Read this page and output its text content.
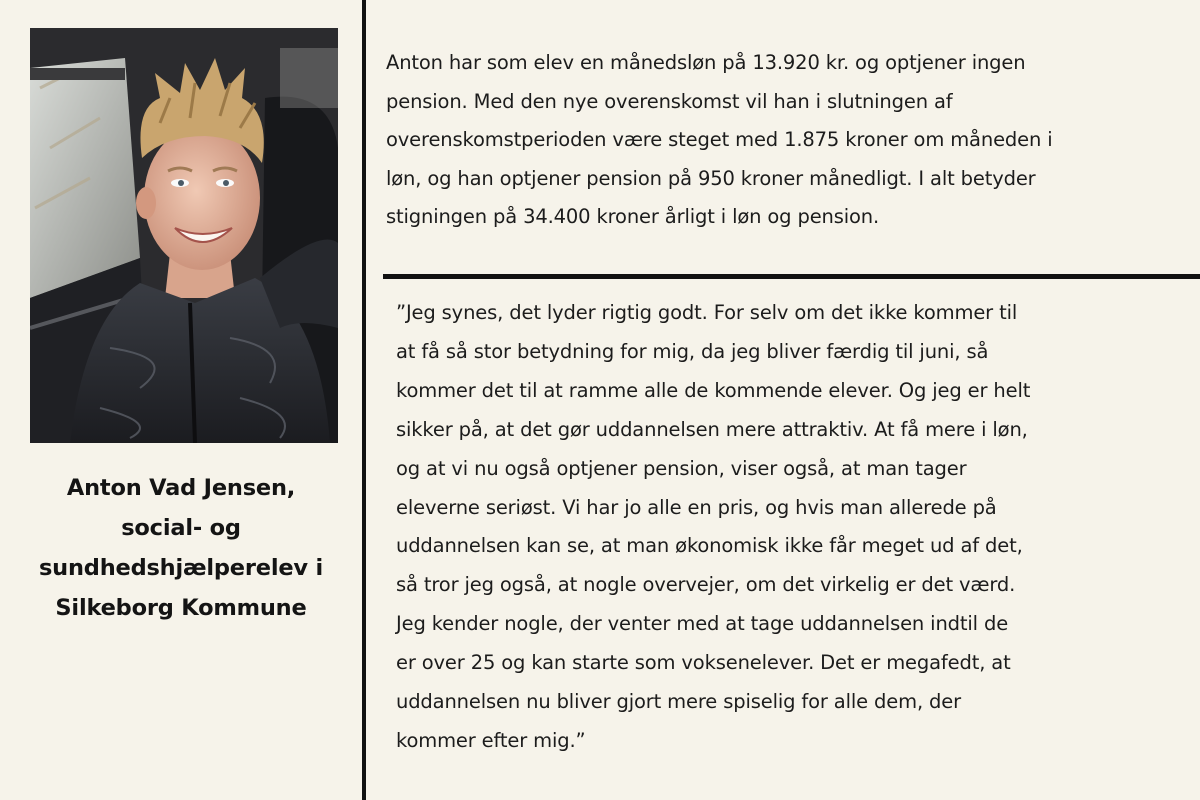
Anton Vad Jensen,
social- og
sundhedshjælperelev i
Silkeborg Kommune
Anton har som elev en månedsløn på 13.920 kr. og optjener ingen
pension. Med den nye overenskomst vil han i slutningen af
overenskomstperioden være steget med 1.875 kroner om måneden i
løn, og han optjener pension på 950 kroner månedligt. I alt betyder
stigningen på 34.400 kroner årligt i løn og pension.
”Jeg synes, det lyder rigtig godt. For selv om det ikke kommer til
at få så stor betydning for mig, da jeg bliver færdig til juni, så
kommer det til at ramme alle de kommende elever. Og jeg er helt
sikker på, at det gør uddannelsen mere attraktiv. At få mere i løn,
og at vi nu også optjener pension, viser også, at man tager
eleverne seriøst. Vi har jo alle en pris, og hvis man allerede på
uddannelsen kan se, at man økonomisk ikke får meget ud af det,
så tror jeg også, at nogle overvejer, om det virkelig er det værd.
Jeg kender nogle, der venter med at tage uddannelsen indtil de
er over 25 og kan starte som voksenelever. Det er megafedt, at
uddannelsen nu bliver gjort mere spiselig for alle dem, der
kommer efter mig.”
